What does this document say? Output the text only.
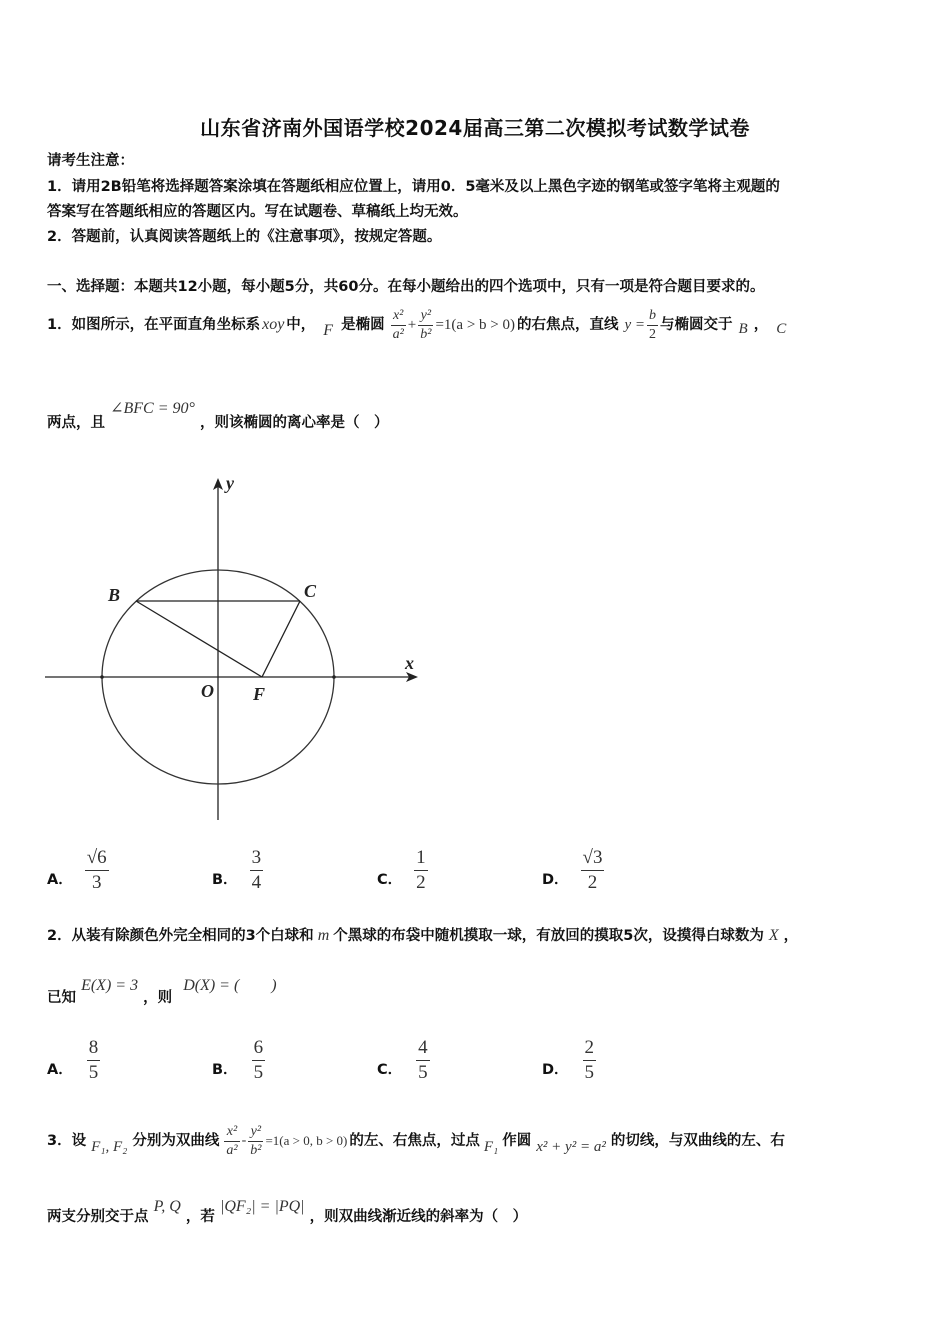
山东省济南外国语学校2024届高三第二次模拟考试数学试卷
请考生注意：
1．请用2B铅笔将选择题答案涂填在答题纸相应位置上，请用0．5毫米及以上黑色字迹的钢笔或签字笔将主观题的
答案写在答题纸相应的答题区内。写在试题卷、草稿纸上均无效。
2．答题前，认真阅读答题纸上的《注意事项》，按规定答题。
一、选择题：本题共12小题，每小题5分，共60分。在每小题给出的四个选项中，只有一项是符合题目要求的。
1．如图所示，在平面直角坐标系 xoy 中， F 是椭圆 $\frac{\text{x²}}{\text{a²}} + \frac{\text{y²}}{\text{b²}} =1(a > b > 0)$ 的右焦点，直线 $y = \frac{b}{2}$ 与椭圆交于 B ， C
两点，且 ∠BFC = 90° ，则该椭圆的离心率是（　）
B	C
O F
x
y
A． $\frac{√6}{3}$	B． $\frac{3}{4}$	C． $\frac{1}{2}$	D． $\frac{√3}{2}$
2．从装有除颜色外完全相同的3个白球和 m 个黑球的布袋中随机摸取一球，有放回的摸取5次，设摸得白球数为 X ，
已知 E(X) = 3 ，则 D(X) = (　　)
A． $\frac{8}{5}$	B． $\frac{6}{5}$	C． $\frac{4}{5}$	D． $\frac{2}{5}$
3．设 F₁, F₂ 分别为双曲线 $\frac{\text{x²}}{\text{a²}} - \frac{\text{y²}}{\text{b²}} =1(a > 0$, b > 0) 的左、右焦点，过点 F₁ 作圆 x² + y² = a² 的切线，与双曲线的左、右
两支分别交于点 P, Q ，若 |QF₂| = |PQ| ，则双曲线渐近线的斜率为（　）
